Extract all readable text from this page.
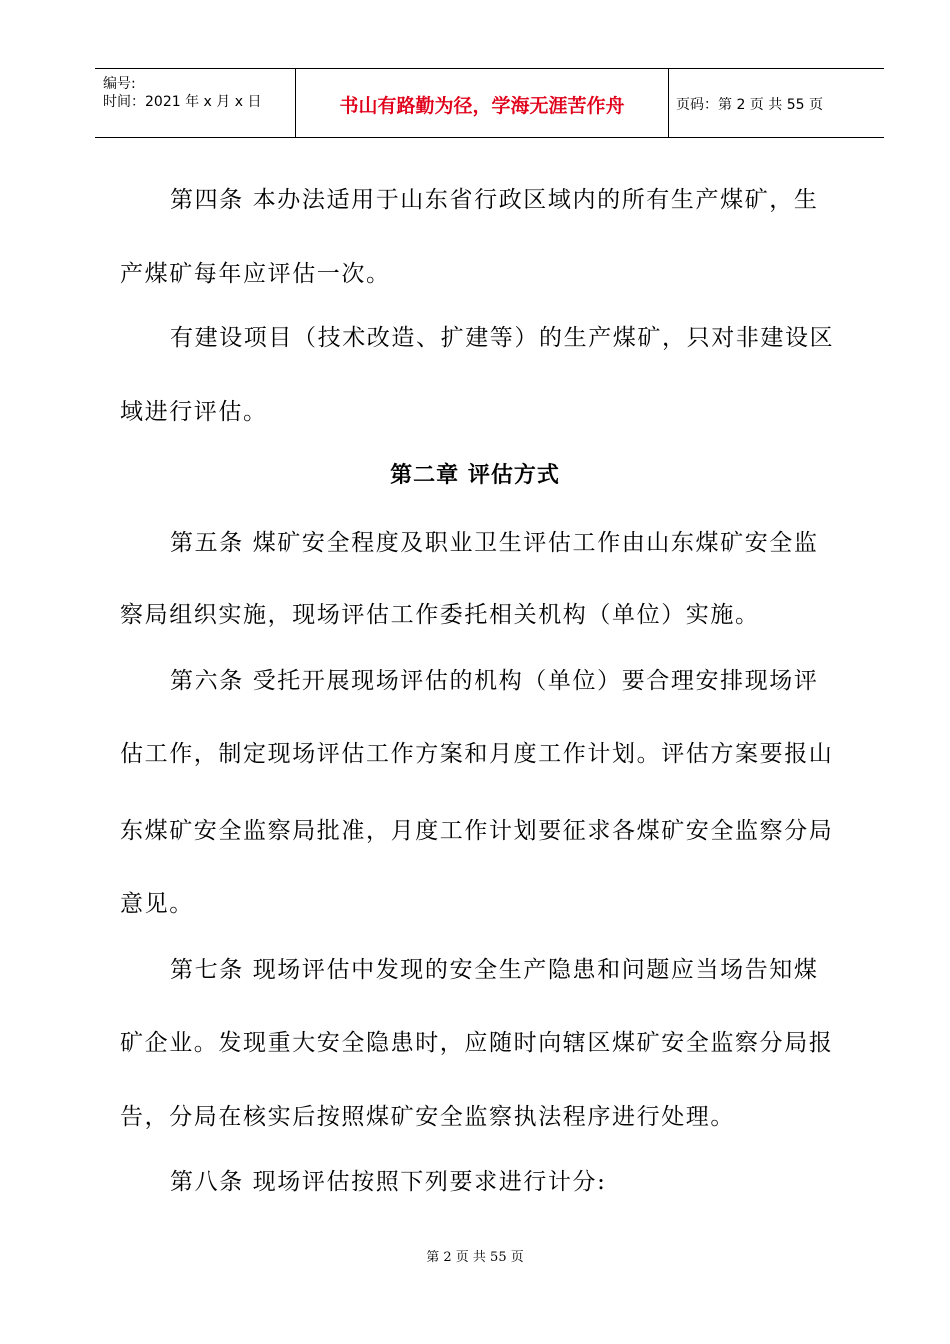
编号:
时间：2021 年 x 月 x 日	书山有路勤为径，学海无涯苦作舟	页码：第 2 页 共 55 页
第四条 本办法适用于山东省行政区域内的所有生产煤矿，生
产煤矿每年应评估一次。
有建设项目（技术改造、扩建等）的生产煤矿，只对非建设区
域进行评估。
第二章 评估方式
第五条 煤矿安全程度及职业卫生评估工作由山东煤矿安全监
察局组织实施，现场评估工作委托相关机构（单位）实施。
第六条 受托开展现场评估的机构（单位）要合理安排现场评
估工作，制定现场评估工作方案和月度工作计划。评估方案要报山
东煤矿安全监察局批准，月度工作计划要征求各煤矿安全监察分局
意见。
第七条 现场评估中发现的安全生产隐患和问题应当场告知煤
矿企业。发现重大安全隐患时，应随时向辖区煤矿安全监察分局报
告，分局在核实后按照煤矿安全监察执法程序进行处理。
第八条 现场评估按照下列要求进行计分:
第 2 页 共 55 页
